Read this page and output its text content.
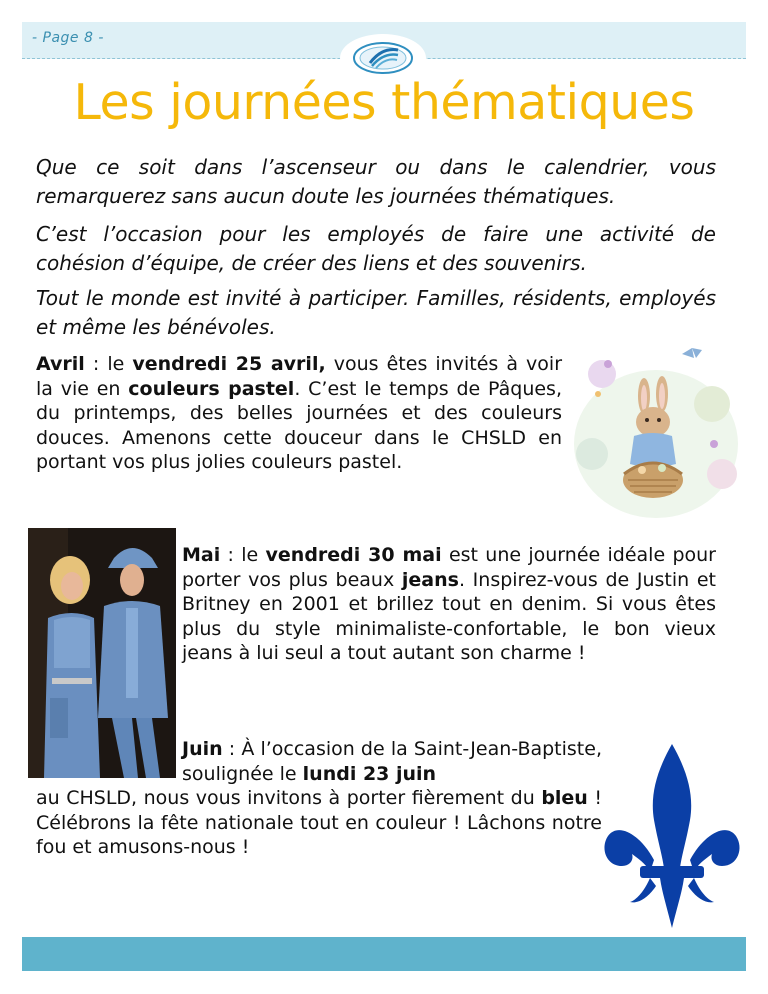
- Page 8 -
Les journées thématiques

Que ce soit dans l’ascenseur ou dans le calendrier, vous remarquerez sans aucun doute les journées thématiques.

C’est l’occasion pour les employés de faire une activité de cohésion d’équipe, de créer des liens et des souvenirs.

Tout le monde est invité à participer. Familles, résidents, employés et même les bénévoles.

Avril : le vendredi 25 avril, vous êtes invités à voir la vie en couleurs pastel. C’est le temps de Pâques, du printemps, des belles journées et des couleurs douces. Amenons cette douceur dans le CHSLD en portant vos plus jolies couleurs pastel.

Mai : le vendredi 30 mai est une journée idéale pour porter vos plus beaux jeans. Inspirez-vous de Justin et Britney en 2001 et brillez tout en denim. Si vous êtes plus du style minimaliste-confortable, le bon vieux jeans à lui seul a tout autant son charme !

Juin : À l’occasion de la Saint-Jean-Baptiste, soulignée le lundi 23 juin

au CHSLD, nous vous invitons à porter fièrement du bleu ! Célébrons la fête nationale tout en couleur ! Lâchons notre fou et amusons-nous !
